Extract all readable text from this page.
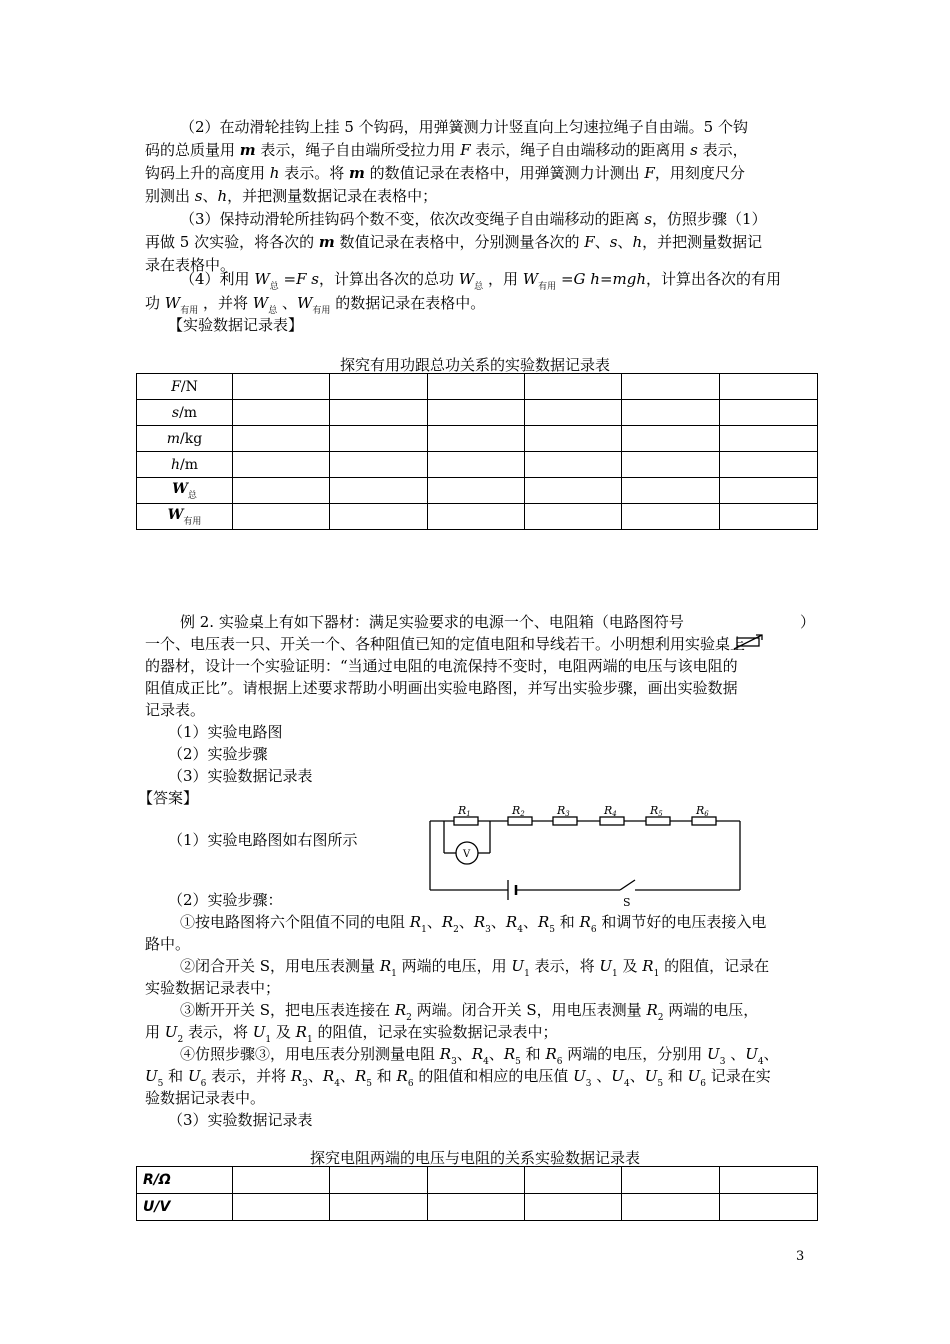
（2）在动滑轮挂钩上挂 5 个钩码，用弹簧测力计竖直向上匀速拉绳子自由端。5 个钩
码的总质量用 m 表示，绳子自由端所受拉力用 F 表示，绳子自由端移动的距离用 s 表示，
钩码上升的高度用 h 表示。将 m 的数值记录在表格中，用弹簧测力计测出 F，用刻度尺分
别测出 s、h，并把测量数据记录在表格中；
（3）保持动滑轮所挂钩码个数不变，依次改变绳子自由端移动的距离 s，仿照步骤（1）
再做 5 次实验，将各次的 m 数值记录在表格中，分别测量各次的 F、s、h，并把测量数据记
录在表格中。
（4）利用 $W_总 =F$ s，计算出各次的总功 $W_总$ ，用 $W_{有用} =G$ h=mgh，计算出各次的有用
功 $W_{有用}$ ，并将 $W_总$ 、$W_{有用}$ 的数据记录在表格中。
【实验数据记录表】
探究有用功跟总功关系的实验数据记录表
F/N						
s/m						
m/kg						
h/m						
$W_总$						
$W_{有用}$						
例 2. 实验桌上有如下器材：满足实验要求的电源一个、电阻箱（电路图符号	）
一个、电压表一只、开关一个、各种阻值已知的定值电阻和导线若干。小明想利用实验桌上
的器材，设计一个实验证明：“当通过电阻的电流保持不变时，电阻两端的电压与该电阻的
阻值成正比”。请根据上述要求帮助小明画出实验电路图，并写出实验步骤，画出实验数据
记录表。
（1）实验电路图
（2）实验步骤
（3）实验数据记录表
【答案】
（1）实验电路图如右图所示
R1	R2	R3	R4	R5	R6
V
S
（2）实验步骤：
①按电路图将六个阻值不同的电阻 $R_1$、$R_2$、$R_3$、$R_4$、$R_5$ 和 $R_6$ 和调节好的电压表接入电
路中。
②闭合开关 S，用电压表测量 $R_1$ 两端的电压，用 $U_1$ 表示，将 $U_1$ 及 $R_1$ 的阻值，记录在
实验数据记录表中；
③断开开关 S，把电压表连接在 $R_2$ 两端。闭合开关 S，用电压表测量 $R_2$ 两端的电压，
用 $U_2$ 表示，将 $U_1$ 及 $R_1$ 的阻值，记录在实验数据记录表中；
④仿照步骤③，用电压表分别测量电阻 $R_3$、$R_4$、$R_5$ 和 $R_6$ 两端的电压，分别用 $U_3$ 、$U_4$、
$U_5$ 和 $U_6$ 表示，并将 $R_3$、$R_4$、$R_5$ 和 $R_6$ 的阻值和相应的电压值 $U_3$ 、$U_4$、$U_5$ 和 $U_6$ 记录在实
验数据记录表中。
（3）实验数据记录表
探究电阻两端的电压与电阻的关系实验数据记录表
R/Ω						
U/V						
3
